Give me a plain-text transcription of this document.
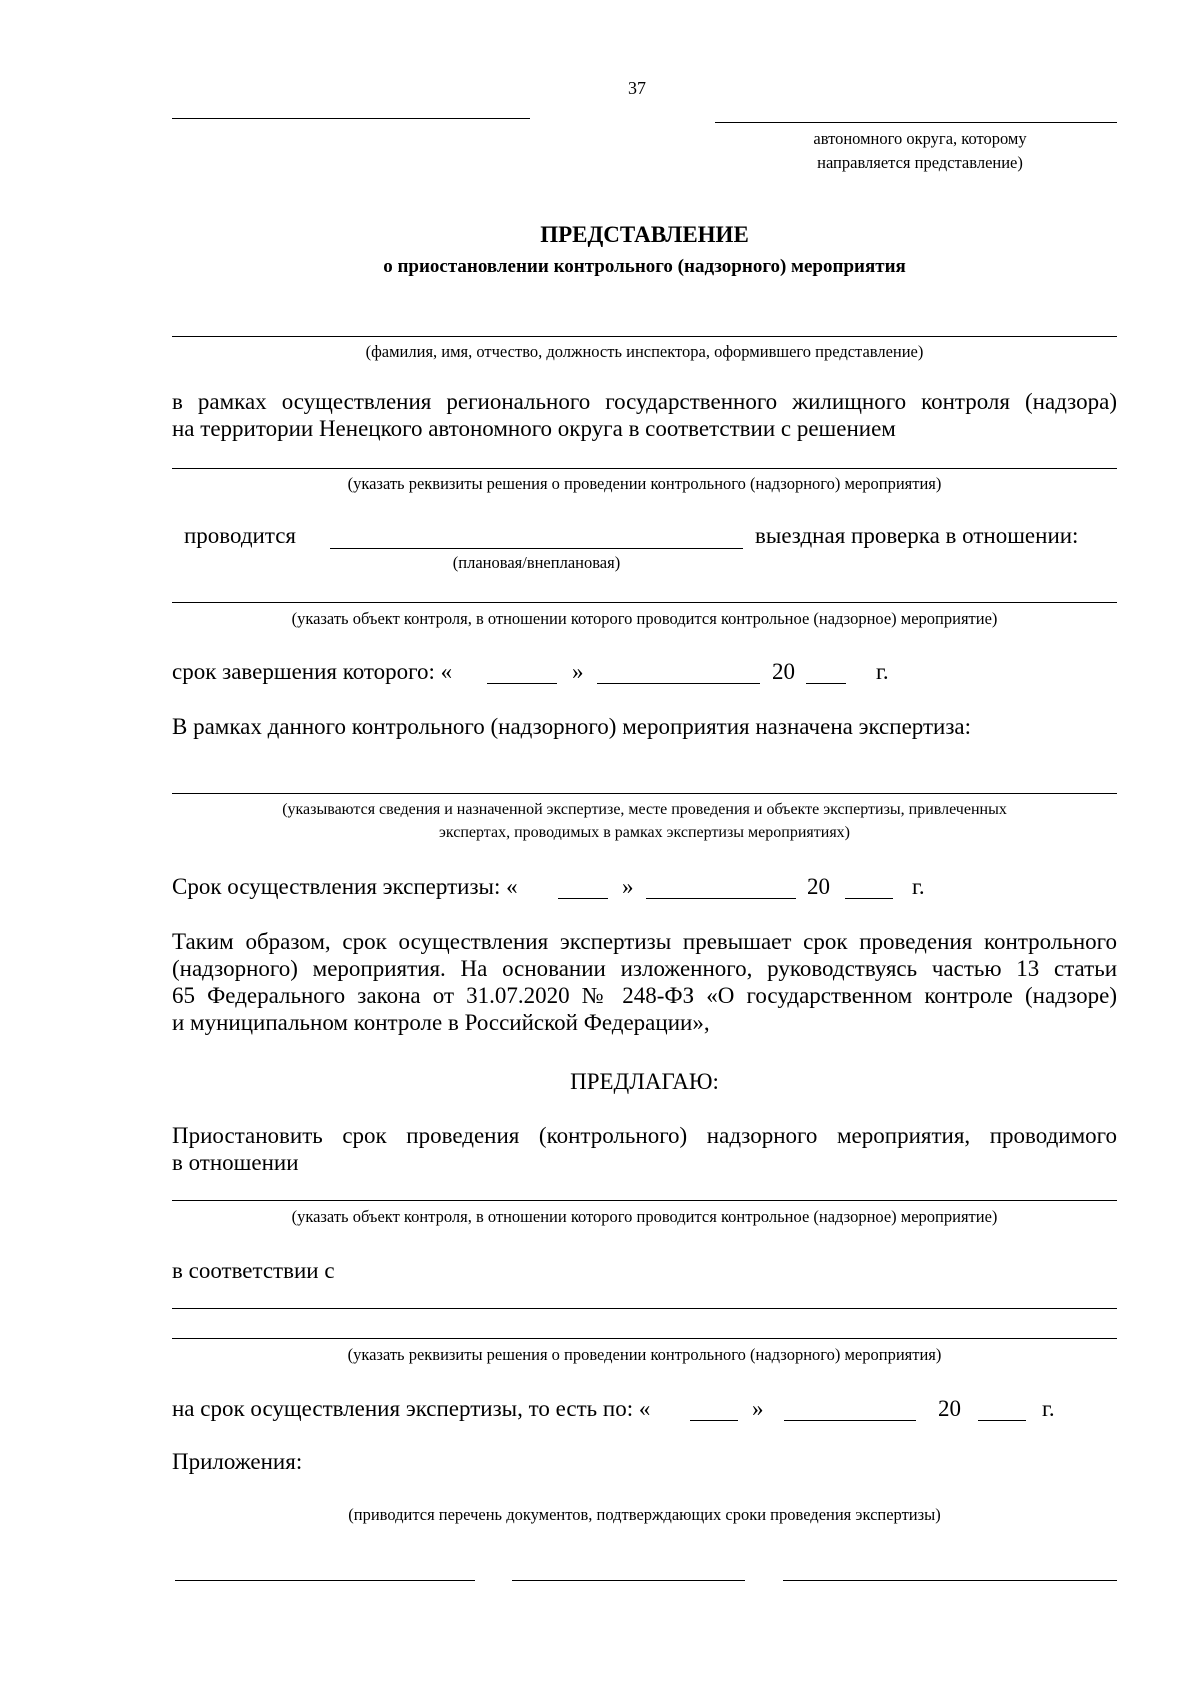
37
автономного округа, которому
направляется представление)
ПРЕДСТАВЛЕНИЕ
о приостановлении контрольного (надзорного) мероприятия
(фамилия, имя, отчество, должность инспектора, оформившего представление)
в рамках осуществления регионального государственного жилищного контроля (надзора)
на территории Ненецкого автономного округа в соответствии с решением
(указать реквизиты решения о проведении контрольного (надзорного) мероприятия)
проводится	выездная проверка в отношении:
(плановая/внеплановая)
(указать объект контроля, в отношении которого проводится контрольное (надзорное) мероприятие)
срок завершения которого: «	»	20	г.
В рамках данного контрольного (надзорного) мероприятия назначена экспертиза:
(указываются сведения и назначенной экспертизе, месте проведения и объекте экспертизы, привлеченных
экспертах, проводимых в рамках экспертизы мероприятиях)
Срок осуществления экспертизы: «	»	20	г.
Таким образом, срок осуществления экспертизы превышает срок проведения контрольного
(надзорного) мероприятия. На основании изложенного, руководствуясь частью 13 статьи
65 Федерального закона от 31.07.2020 № 248-ФЗ «О государственном контроле (надзоре)
и муниципальном контроле в Российской Федерации»,
ПРЕДЛАГАЮ:
Приостановить срок проведения (контрольного) надзорного мероприятия, проводимого
в отношении
(указать объект контроля, в отношении которого проводится контрольное (надзорное) мероприятие)
в соответствии с
(указать реквизиты решения о проведении контрольного (надзорного) мероприятия)
на срок осуществления экспертизы, то есть по: «	»	20	г.
Приложения:
(приводится перечень документов, подтверждающих сроки проведения экспертизы)
